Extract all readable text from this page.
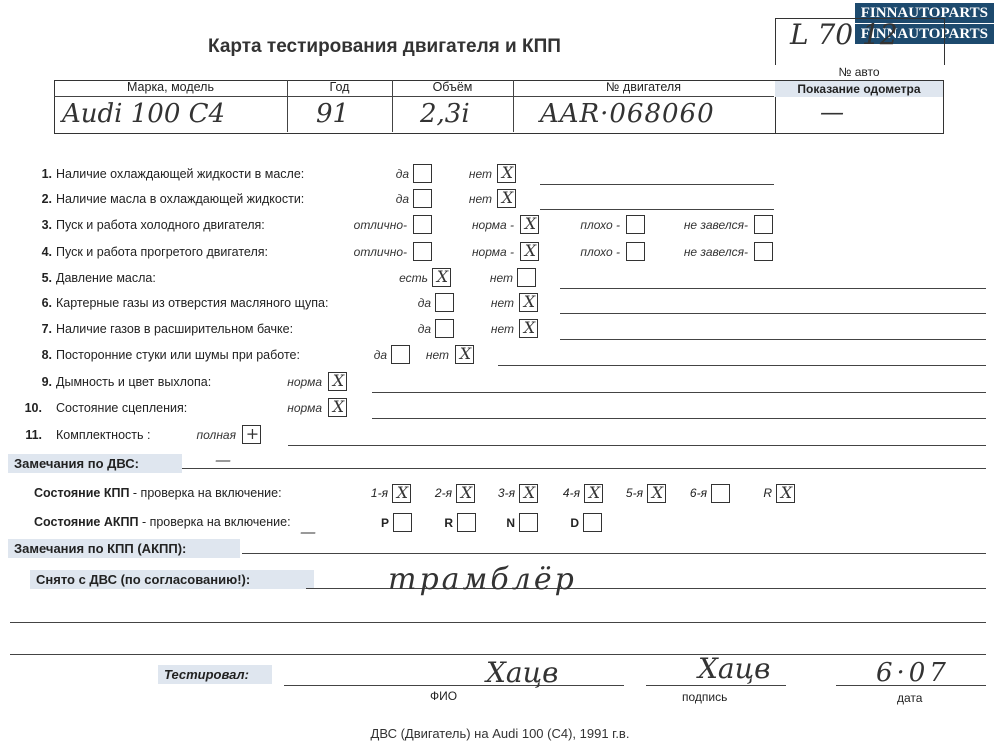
FINNAUTOPARTS
FINNAUTOPARTS
Карта тестирования двигателя и КПП	L 70 12
№ авто
Марка, модель	Год	Объём	№ двигателя
Audi 100 C4	91	2,3i	AAR·068060
Показание одометра
—
1. Наличие охлаждающей жидкости в масле:	да	нет X
2. Наличие масла в охлаждающей жидкости:	да	нет X
3. Пуск и работа холодного двигателя:	отлично-	норма - X	плохо -	не завелся-
4. Пуск и работа прогретого двигателя:	отлично-	норма - X	плохо -	не завелся-
5. Давление масла:	есть X	нет
6. Картерные газы из отверстия масляного щупа:	да	нет X
7. Наличие газов в расширительном бачке:	да	нет X
8. Посторонние стуки или шумы при работе:	да	нет X
9. Дымность и цвет выхлопа:	норма X
10. Состояние сцепления:	норма X
11. Комплектность :	полная +
Замечания по ДВС:	—
Состояние КПП - проверка на включение:	1-я X	2-я X	3-я X	4-я X	5-я X	6-я	R X
Состояние АКПП - проверка на включение:	P	R	N	D
—
Замечания по КПП (АКПП):
Снято с ДВС (по согласованию!):	трамблёр
Тестировал:	Хацв	Хацв	6·07
ФИО	подпись	дата
ДВС (Двигатель) на Audi 100 (С4), 1991 г.в.
